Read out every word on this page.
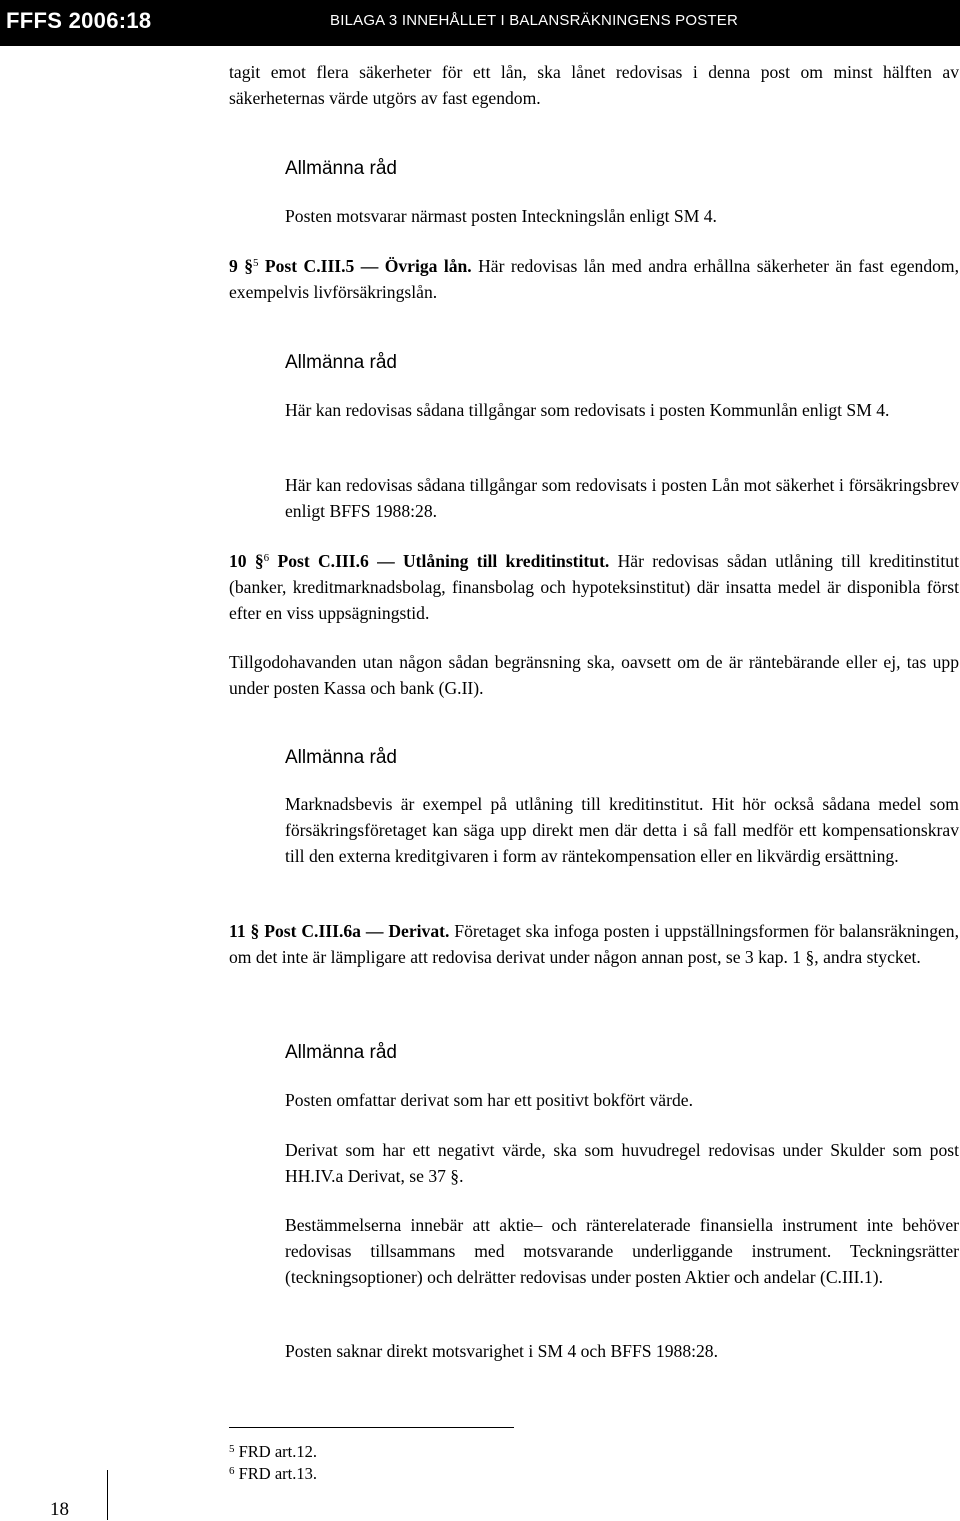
FFFS 2006:18	BILAGA 3 INNEHÅLLET I BALANSRÄKNINGENS POSTER

tagit emot flera säkerheter för ett lån, ska lånet redovisas i denna post om minst hälften av säkerheternas värde utgörs av fast egendom.

Allmänna råd

Posten motsvarar närmast posten Inteckningslån enligt SM 4.

9 §$^5$ Post C.III.5 — Övriga lån. Här redovisas lån med andra erhållna säkerheter än fast egendom, exempelvis livförsäkringslån.

Allmänna råd

Här kan redovisas sådana tillgångar som redovisats i posten Kommunlån enligt SM 4.

Här kan redovisas sådana tillgångar som redovisats i posten Lån mot säkerhet i försäkringsbrev enligt BFFS 1988:28.

10 §$^6$ Post C.III.6 — Utlåning till kreditinstitut. Här redovisas sådan utlåning till kreditinstitut (banker, kreditmarknadsbolag, finansbolag och hypoteksinstitut) där insatta medel är disponibla först efter en viss uppsägningstid.

Tillgodohavanden utan någon sådan begränsning ska, oavsett om de är räntebärande eller ej, tas upp under posten Kassa och bank (G.II).

Allmänna råd

Marknadsbevis är exempel på utlåning till kreditinstitut. Hit hör också sådana medel som försäkringsföretaget kan säga upp direkt men där detta i så fall medför ett kompensationskrav till den externa kreditgivaren i form av räntekompensation eller en likvärdig ersättning.

11 § Post C.III.6a — Derivat. Företaget ska infoga posten i uppställningsformen för balansräkningen, om det inte är lämpligare att redovisa derivat under någon annan post, se 3 kap. 1 §, andra stycket.

Allmänna råd

Posten omfattar derivat som har ett positivt bokfört värde.

Derivat som har ett negativt värde, ska som huvudregel redovisas under Skulder som post HH.IV.a Derivat, se 37 §.

Bestämmelserna innebär att aktie– och ränterelaterade finansiella instrument inte behöver redovisas tillsammans med motsvarande underliggande instrument. Teckningsrätter (teckningsoptioner) och delrätter redovisas under posten Aktier och andelar (C.III.1).

Posten saknar direkt motsvarighet i SM 4 och BFFS 1988:28.

$^5$ FRD art.12.
$^6$ FRD art.13.
18
